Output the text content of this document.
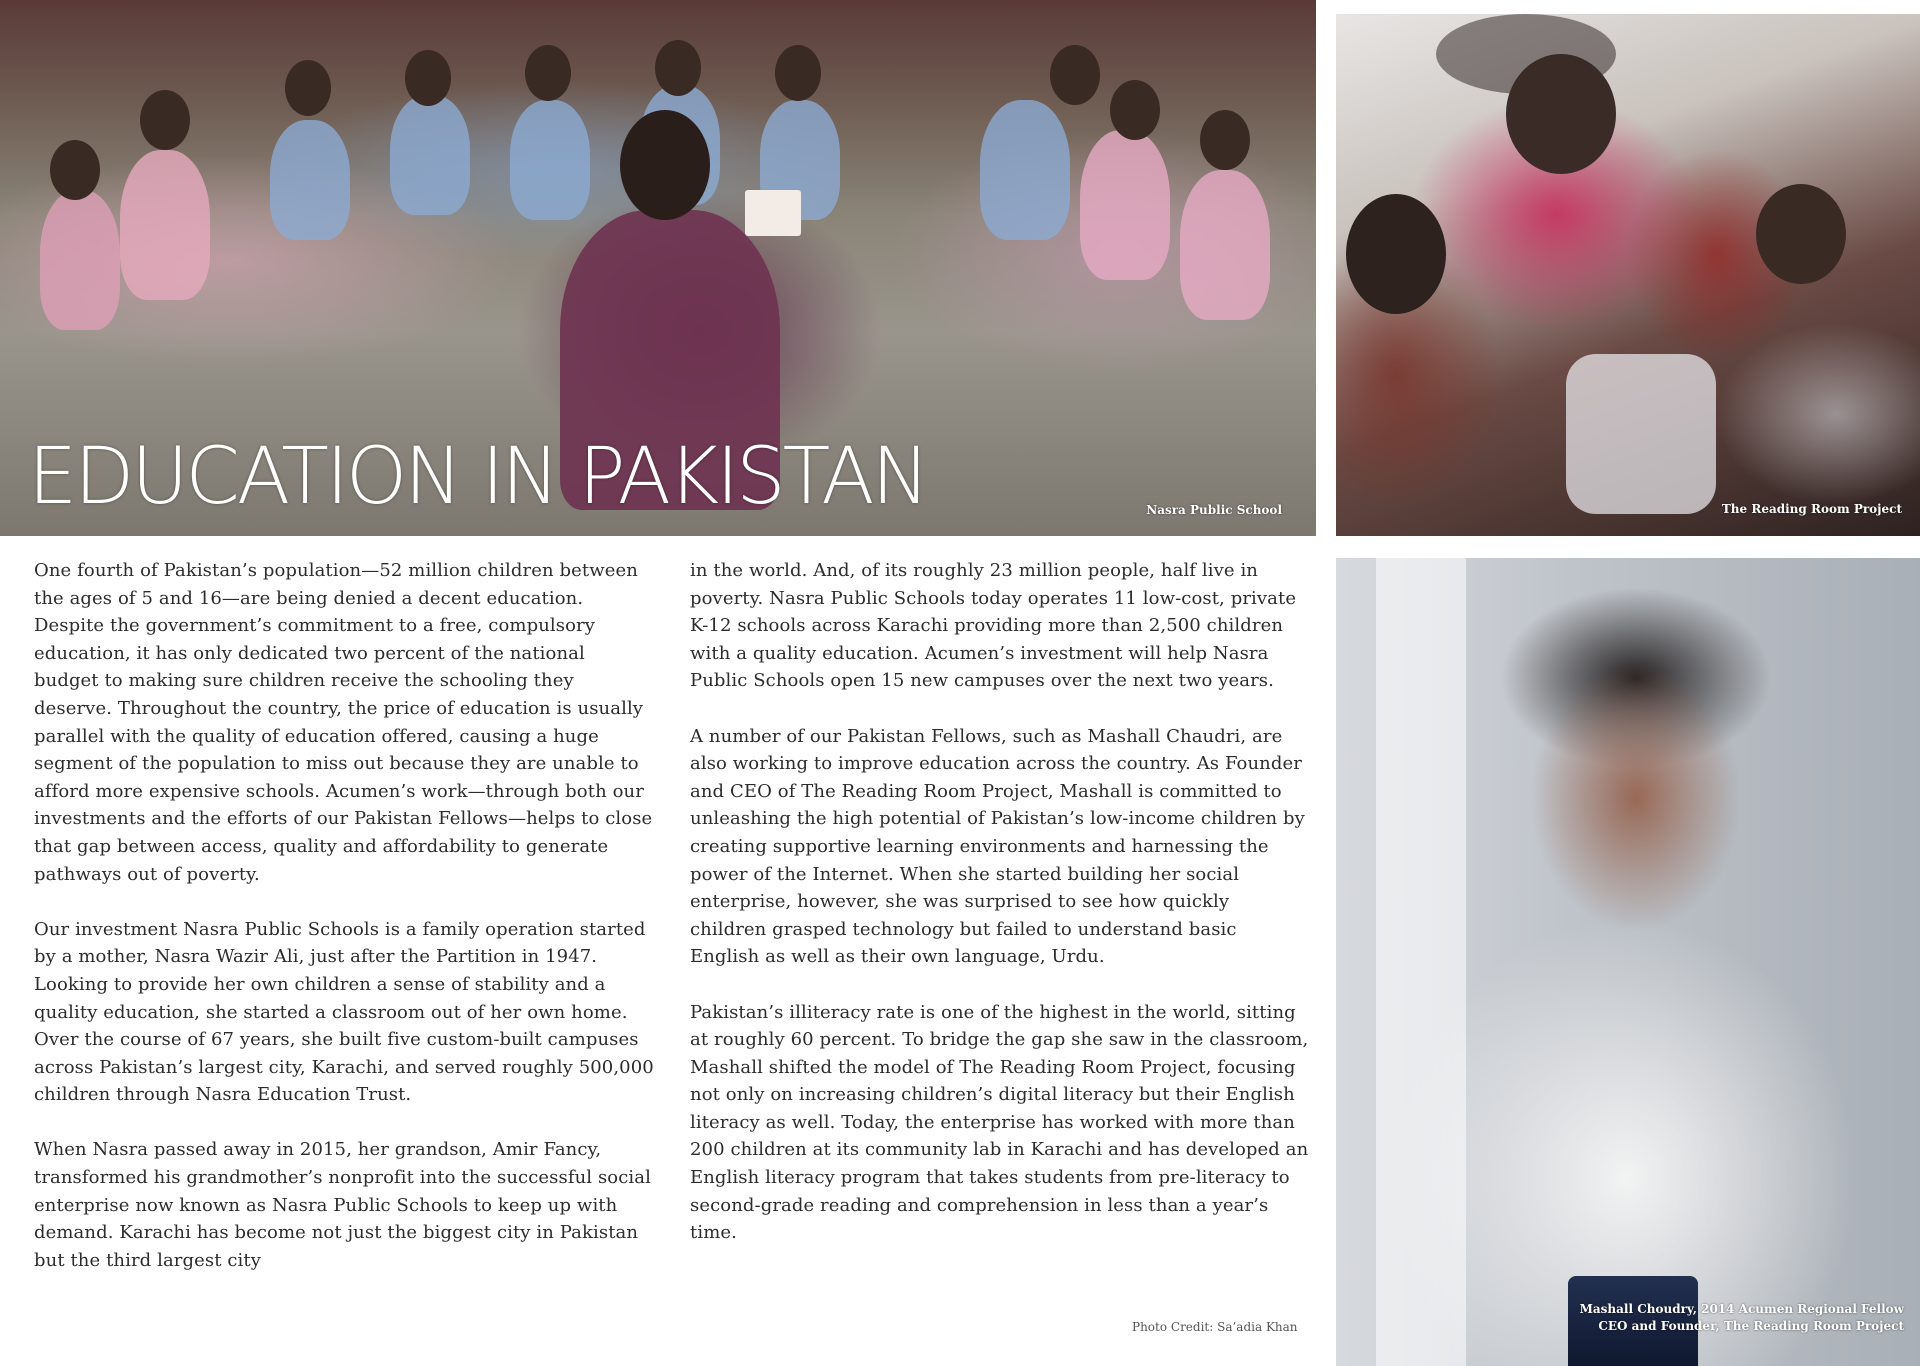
EDUCATION IN PAKISTAN	Nasra Public School	The Reading Room Project
Mashall Choudry, 2014 Acumen Regional Fellow
CEO and Founder, The Reading Room Project

One fourth of Pakistan’s population—52 million children between the ages of 5 and 16—are being denied a decent education. Despite the government’s commitment to a free, compulsory education, it has only dedicated two percent of the national budget to making sure children receive the schooling they deserve. Throughout the country, the price of education is usually parallel with the quality of education offered, causing a huge segment of the population to miss out because they are unable to afford more expensive schools. Acumen’s work—through both our investments and the efforts of our Pakistan Fellows—helps to close that gap between access, quality and affordability to generate pathways out of poverty.

Our investment Nasra Public Schools is a family operation started by a mother, Nasra Wazir Ali, just after the Partition in 1947. Looking to provide her own children a sense of stability and a quality education, she started a classroom out of her own home. Over the course of 67 years, she built five custom-built campuses across Pakistan’s largest city, Karachi, and served roughly 500,000 children through Nasra Education Trust.

When Nasra passed away in 2015, her grandson, Amir Fancy, transformed his grandmother’s nonprofit into the successful social enterprise now known as Nasra Public Schools to keep up with demand. Karachi has become not just the biggest city in Pakistan but the third largest city

in the world. And, of its roughly 23 million people, half live in poverty. Nasra Public Schools today operates 11 low-cost, private K-12 schools across Karachi providing more than 2,500 children with a quality education. Acumen’s investment will help Nasra Public Schools open 15 new campuses over the next two years.

A number of our Pakistan Fellows, such as Mashall Chaudri, are also working to improve education across the country. As Founder and CEO of The Reading Room Project, Mashall is committed to unleashing the high potential of Pakistan’s low-income children by creating supportive learning environments and harnessing the power of the Internet. When she started building her social enterprise, however, she was surprised to see how quickly children grasped technology but failed to understand basic English as well as their own language, Urdu.

Pakistan’s illiteracy rate is one of the highest in the world, sitting at roughly 60 percent. To bridge the gap she saw in the classroom, Mashall shifted the model of The Reading Room Project, focusing not only on increasing children’s digital literacy but their English literacy as well. Today, the enterprise has worked with more than 200 children at its community lab in Karachi and has developed an English literacy program that takes students from pre-literacy to second-grade reading and comprehension in less than a year’s time.

Photo Credit: Sa’adia Khan
